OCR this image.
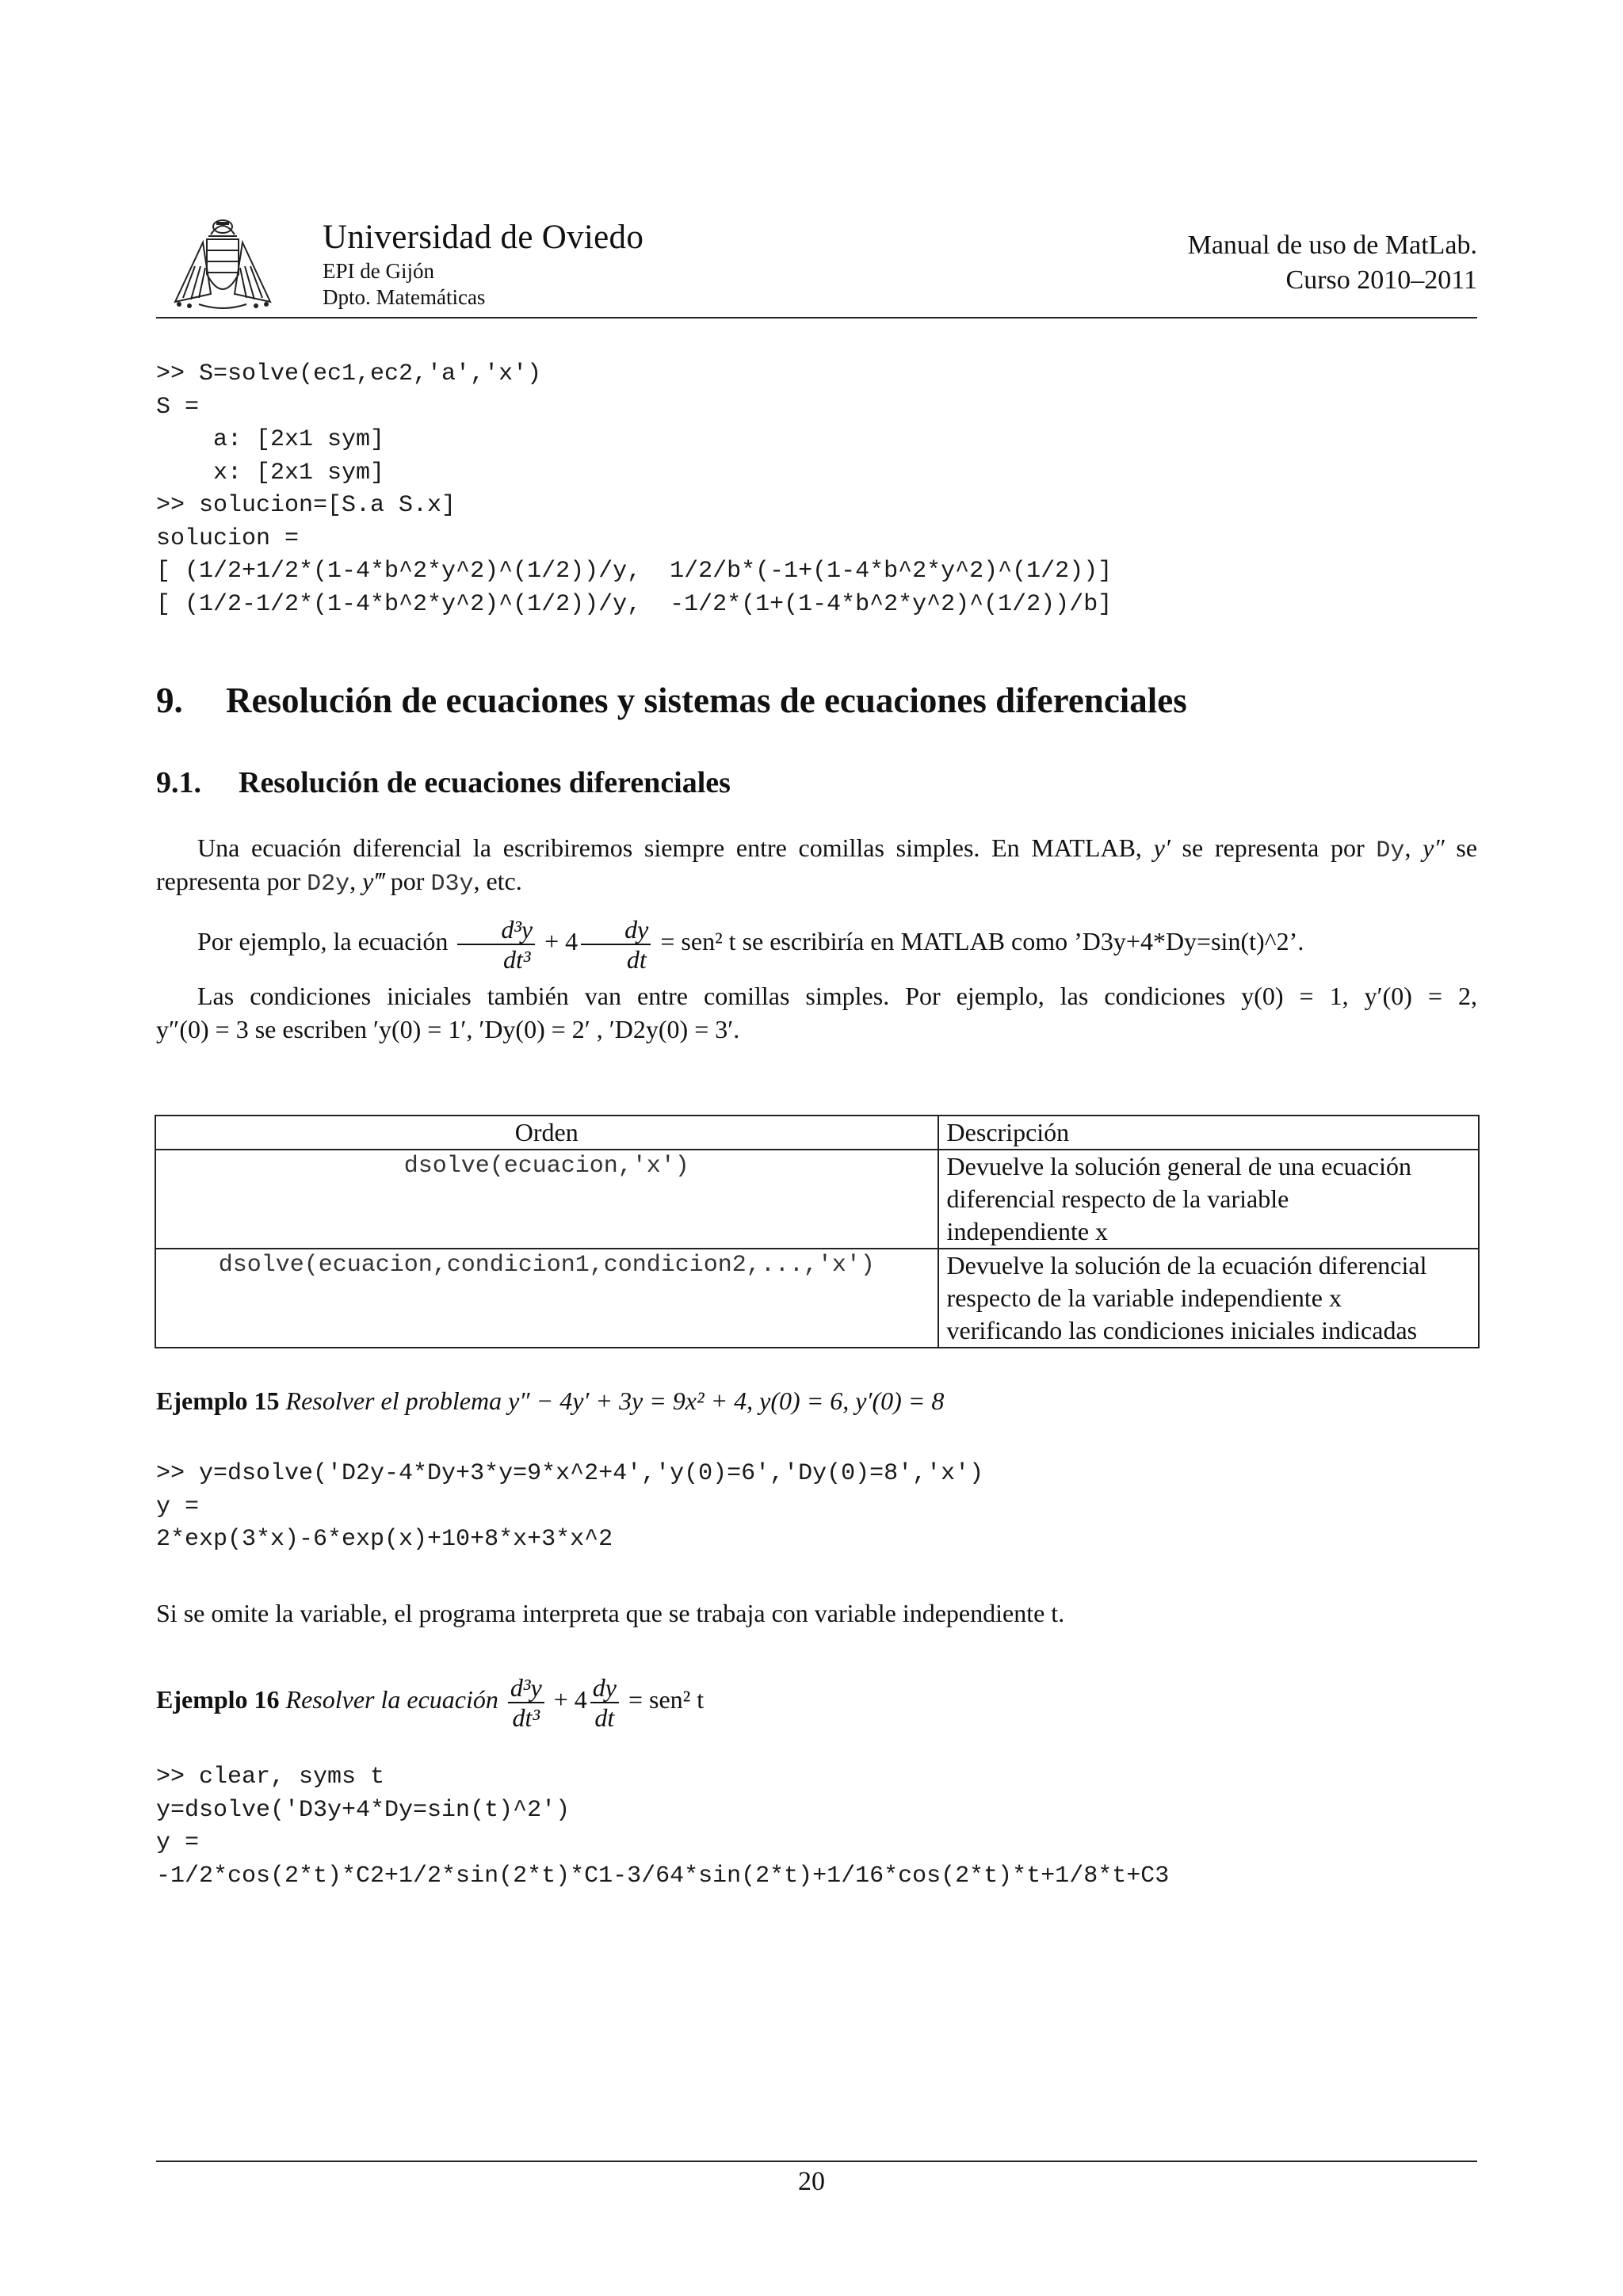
Universidad de Oviedo
EPI de Gijón
Dpto. Matemáticas
Manual de uso de MatLab.
Curso 2010–2011
>> S=solve(ec1,ec2,'a','x')
S =
a: [2x1 sym]
x: [2x1 sym]
>> solucion=[S.a S.x]
solucion =
[ (1/2+1/2*(1-4*b^2*y^2)^(1/2))/y,  1/2/b*(-1+(1-4*b^2*y^2)^(1/2))]
[ (1/2-1/2*(1-4*b^2*y^2)^(1/2))/y,  -1/2*(1+(1-4*b^2*y^2)^(1/2))/b]
9. Resolución de ecuaciones y sistemas de ecuaciones diferenciales
9.1. Resolución de ecuaciones diferenciales
Una ecuación diferencial la escribiremos siempre entre comillas simples. En MATLAB, y′ se representa por Dy, y″ se
representa por D2y, y‴ por D3y, etc.
Por ejemplo, la ecuación $\frac{\text{d³y}}{\text{dt³}} + 4 \frac{dy}{dt} = sen^2$ t se escribiría en MATLAB como ’D3y+4*Dy=sin(t)^2’.
Las condiciones iniciales también van entre comillas simples. Por ejemplo, las condiciones y(0) = 1, y′(0) = 2,
y″(0) = 3 se escriben ′y(0) = 1′, ′Dy(0) = 2′ , ′D2y(0) = 3′.
Orden	Descripción
dsolve(ecuacion,'x')	Devuelve la solución general de una ecuación
diferencial respecto de la variable
independiente x

dsolve(ecuacion,condicion1,condicion2,...,'x')	Devuelve la solución de la ecuación diferencial
respecto de la variable independiente x
verificando las condiciones iniciales indicadas
Ejemplo 15 Resolver el problema y″ − 4y′ + 3y = 9x² + 4, y(0) = 6, y′(0) = 8
>> y=dsolve('D2y-4*Dy+3*y=9*x^2+4','y(0)=6','Dy(0)=8','x')
y =
2*exp(3*x)-6*exp(x)+10+8*x+3*x^2
Si se omite la variable, el programa interpreta que se trabaja con variable independiente t.
Ejemplo 16 Resolver la ecuación $\frac{\text{d³y}}{\text{dt³}} + 4 \frac{dy}{dt} = sen^2$ t
>> clear, syms t
y=dsolve('D3y+4*Dy=sin(t)^2')
y =
-1/2*cos(2*t)*C2+1/2*sin(2*t)*C1-3/64*sin(2*t)+1/16*cos(2*t)*t+1/8*t+C3
20
